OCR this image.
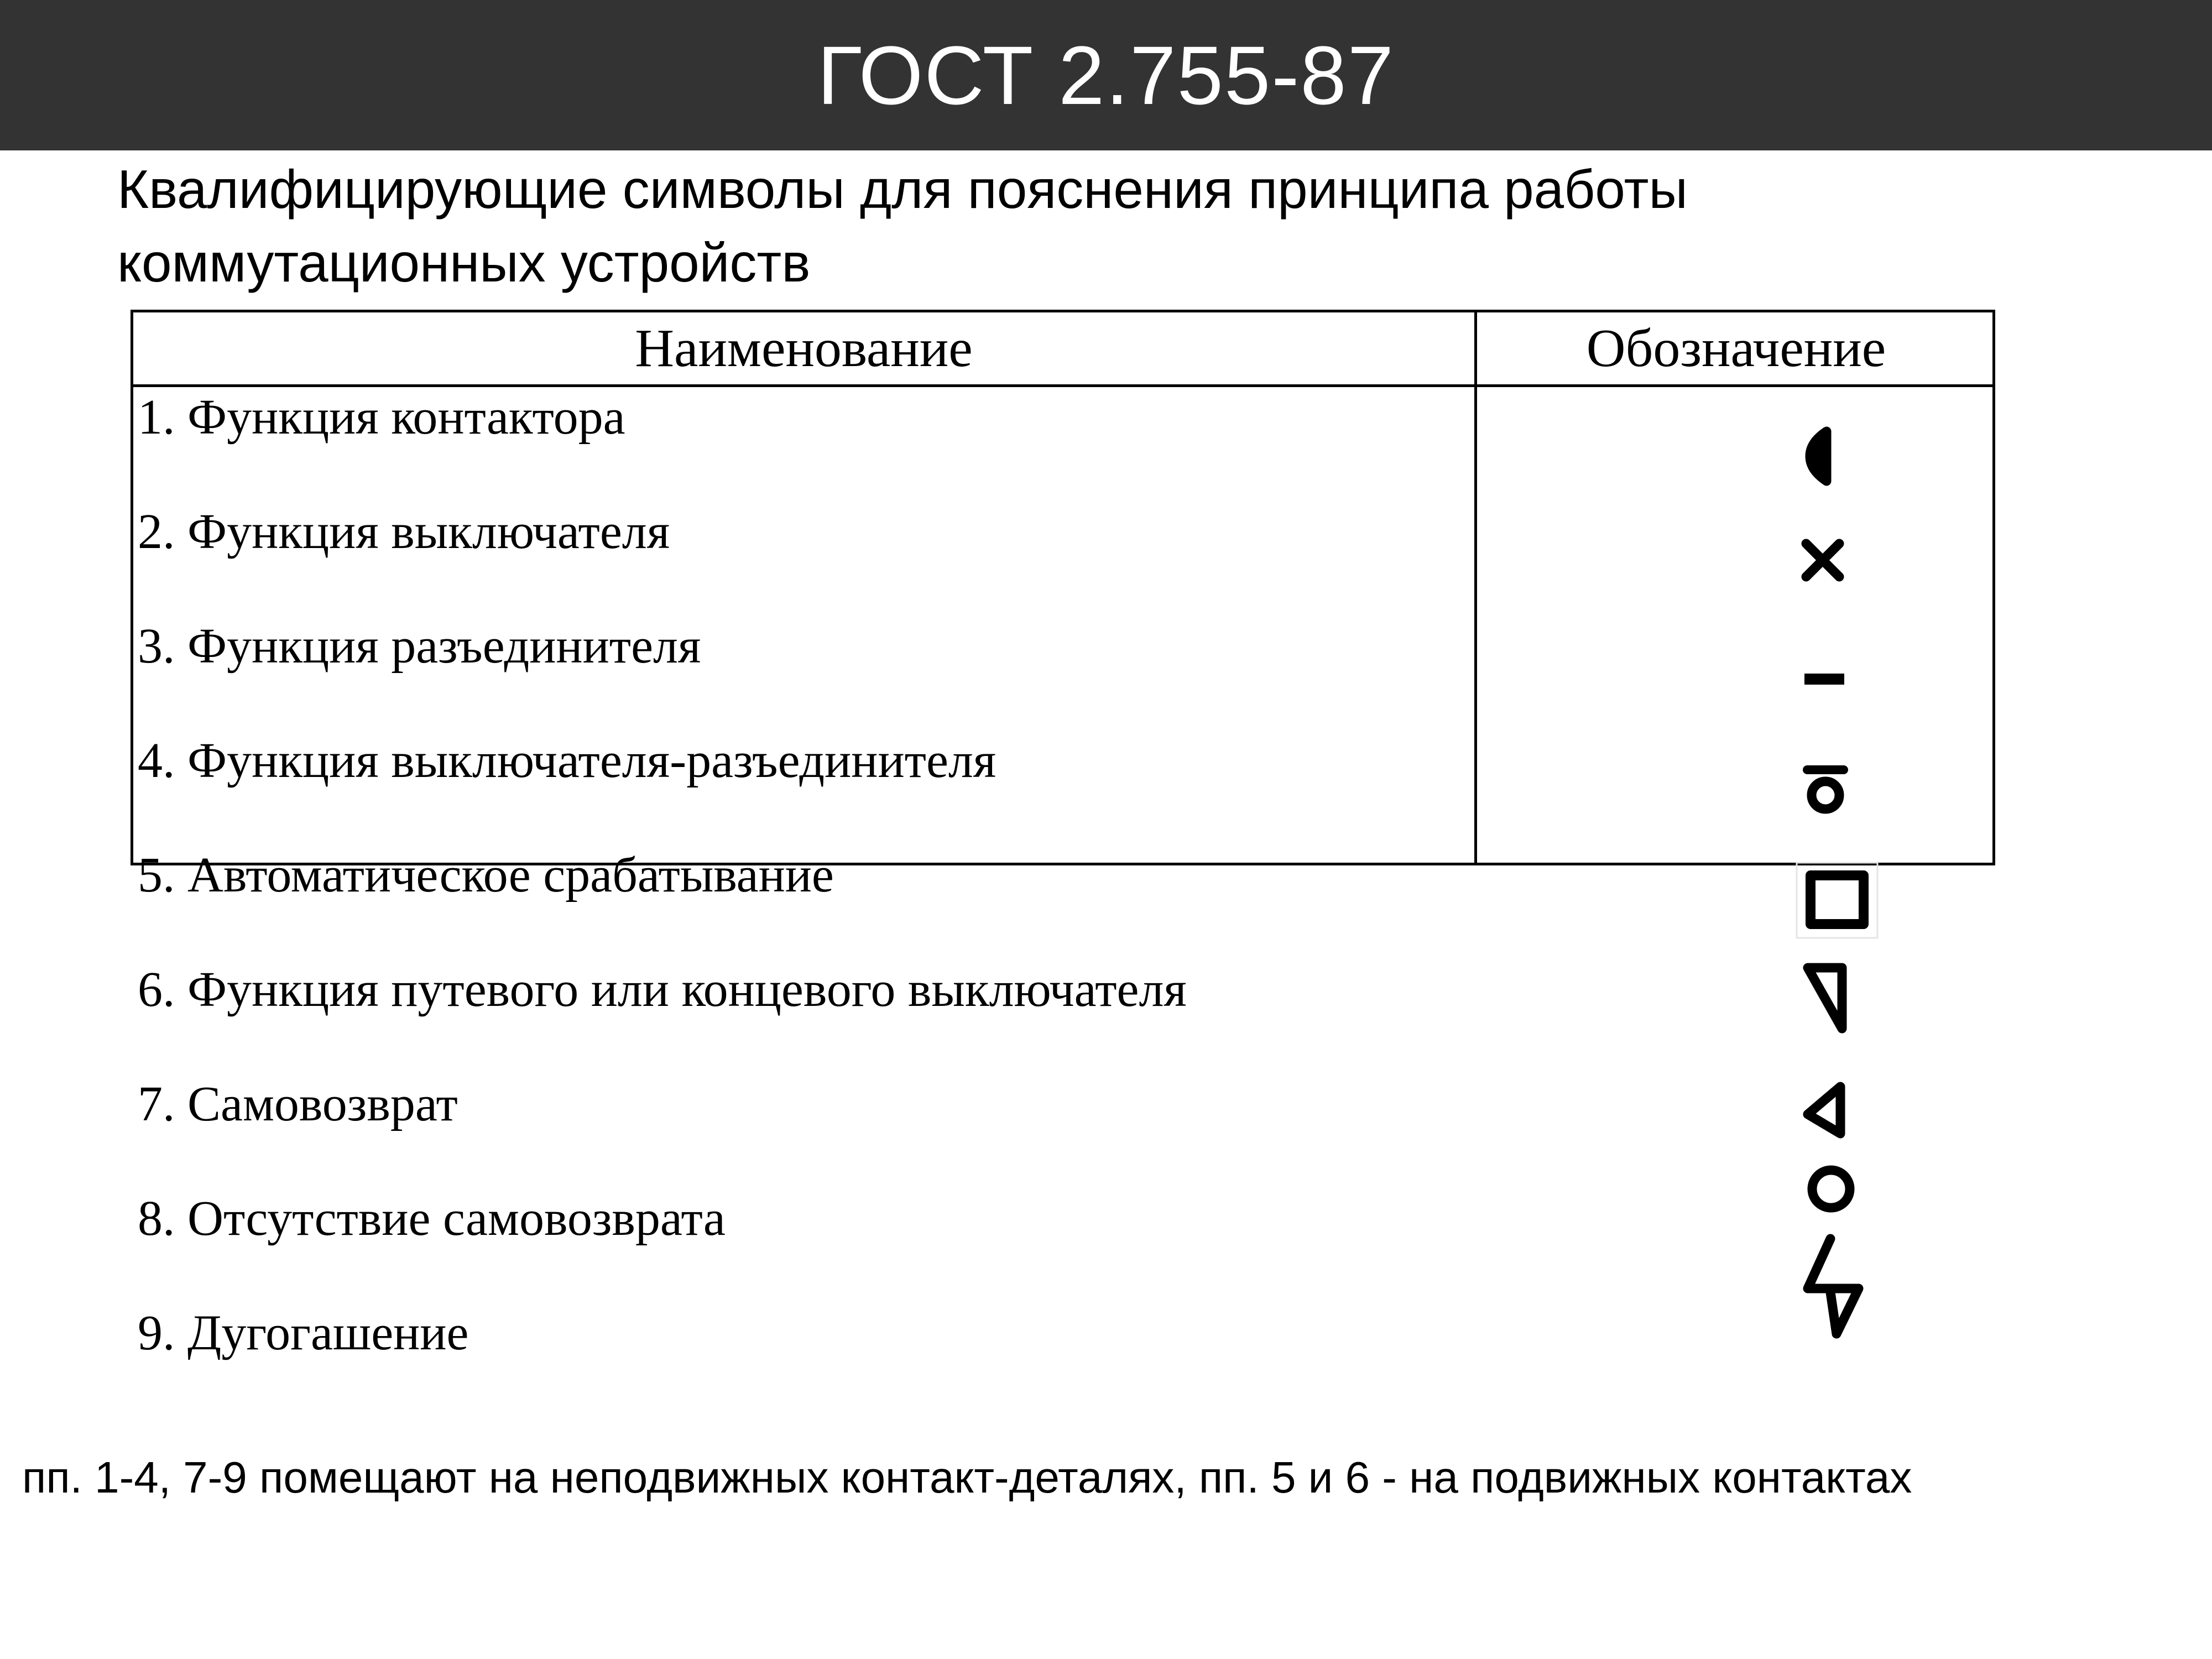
ГОСТ 2.755-87
Квалифицирующие символы для пояснения принципа работы
коммутационных устройств
Наименование	Обозначение
1. Функция контактора
2. Функция выключателя
3. Функция разъединителя
4. Функция выключателя-разъединителя
5. Автоматическое срабатывание
6. Функция путевого или концевого выключателя
7. Самовозврат
8. Отсутствие самовозврата
9. Дугогашение
пп. 1-4, 7-9 помещают на неподвижных контакт-деталях, пп. 5 и 6 - на подвижных контактах
